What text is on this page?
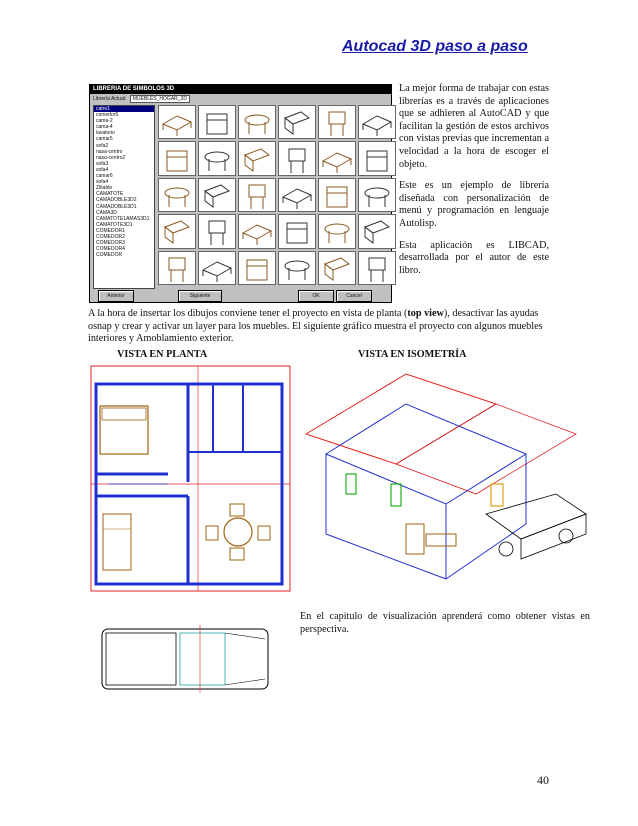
Autocad 3D paso a paso
LIBRERIA DE SIMBOLOS 3D
Librería Actual: MUEBLES_HOGAR_3D
catre1
comedor5
cama-2
cama-4
lavatorio
camar5
sofa2
nasa-centro
nasa-centro2
sofa3
sofa4
camar6
sofa4
Zlitable
CAMATOTE
CAMADOBLE3D2
CAMADOBLE3D1
CAMA3D
CAMATOTE1AMAS3D1
CAMATOTE3D1
COMEDOR1
COMEDOR2
COMEDOR3
COMEDOR4
COMEDOR
Anterior	Siguiente	OK	Cancel

La mejor forma de trabajar con estas librerías es a través de aplicaciones que se adhieren al AutoCAD y que facilitan la gestión de estos archivos con vistas previas que incrementan a velocidad a la hora de escoger el objeto.

Este es un ejemplo de librería diseñada con personalización de menú y programación en lenguaje Autolisp.

Esta aplicación es LIBCAD, desarrollada por el autor de este libro.

A la hora de insertar los dibujos conviene tener el proyecto en vista de planta (top view), desactivar las ayudas osnap y crear y activar un layer para los muebles. El siguiente gráfico muestra el proyecto con algunos muebles interiores y Amoblamiento exterior.
VISTA EN PLANTA	VISTA EN ISOMETRÍA
En el capitulo de visualización aprenderá como obtener vistas en perspectiva.
40
